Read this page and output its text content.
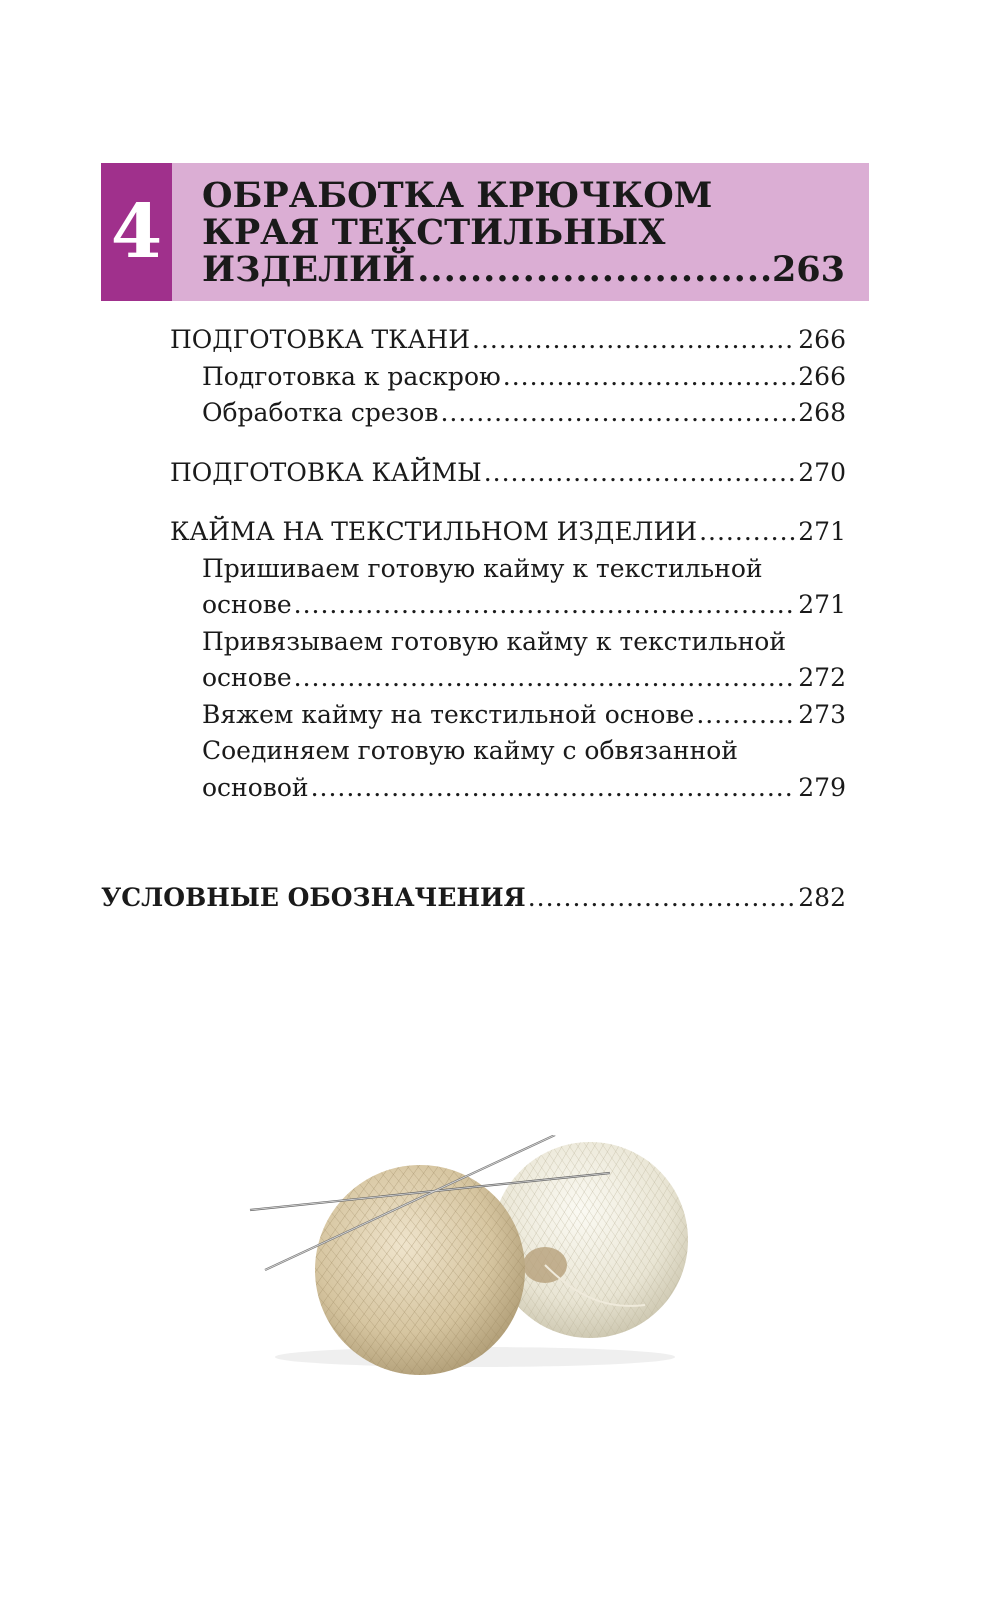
4 ОБРАБОТКА КРЮЧКОМ
КРАЯ ТЕКСТИЛЬНЫХ
ИЗДЕЛИЙ .....	263
ПОДГОТОВКА ТКАНИ .....	266
Подготовка к раскрою .....	266
Обработка срезов .....	268
ПОДГОТОВКА КАЙМЫ .....	270
КАЙМА НА ТЕКСТИЛЬНОМ ИЗДЕЛИИ .....	271
Пришиваем готовую кайму к текстильной
основе .....	271
Привязываем готовую кайму к текстильной
основе .....	272
Вяжем кайму на текстильной основе .....	273
Соединяем готовую кайму с обвязанной
основой .....	279
УСЛОВНЫЕ ОБОЗНАЧЕНИЯ .....	282
